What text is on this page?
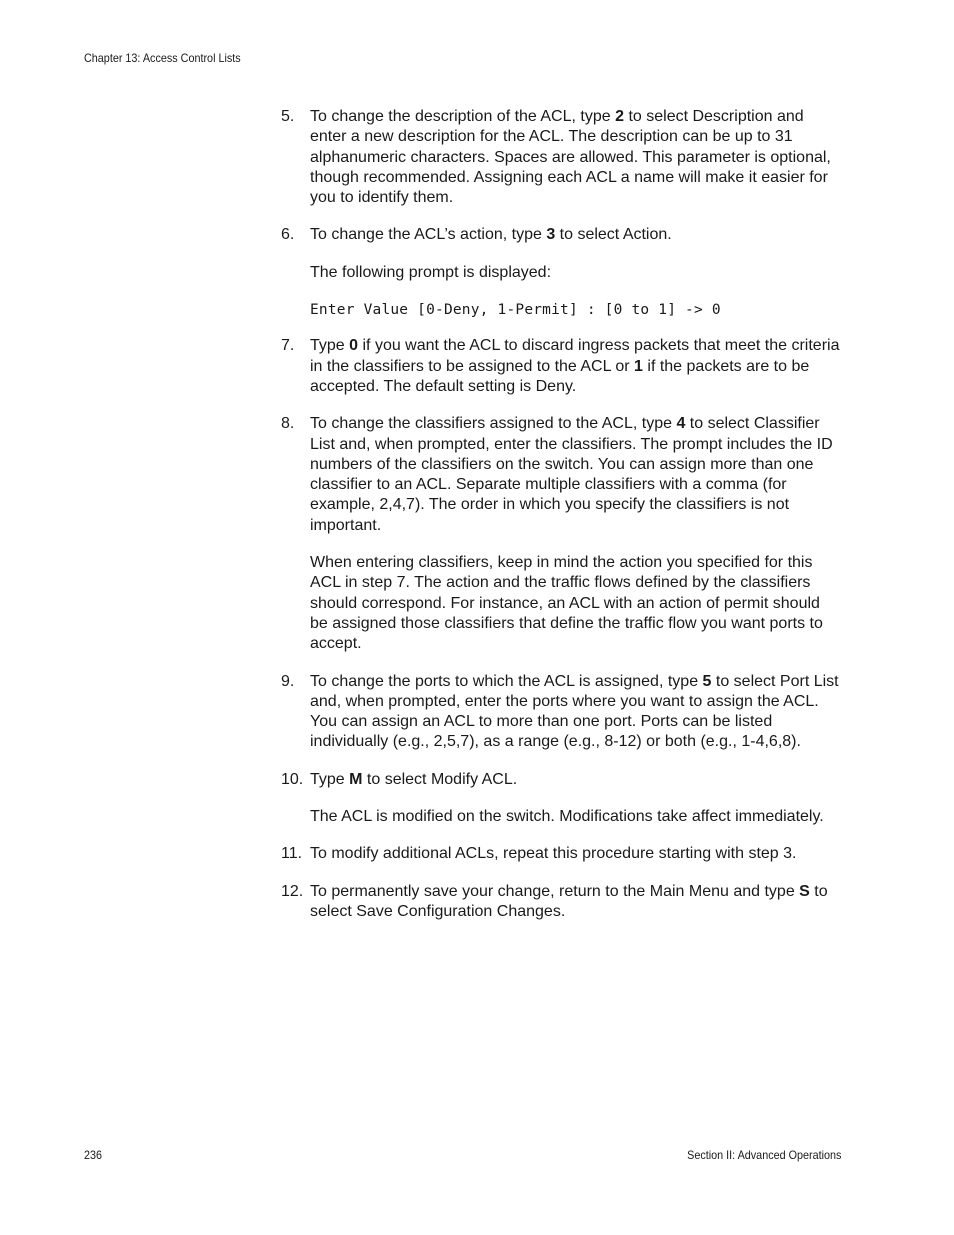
Chapter 13: Access Control Lists
5. To change the description of the ACL, type 2 to select Description and enter a new description for the ACL. The description can be up to 31 alphanumeric characters. Spaces are allowed. This parameter is optional, though recommended. Assigning each ACL a name will make it easier for you to identify them.
6. To change the ACL’s action, type 3 to select Action.
The following prompt is displayed:
Enter Value [0-Deny, 1-Permit] : [0 to 1] -> 0
7. Type 0 if you want the ACL to discard ingress packets that meet the criteria in the classifiers to be assigned to the ACL or 1 if the packets are to be accepted. The default setting is Deny.
8. To change the classifiers assigned to the ACL, type 4 to select Classifier List and, when prompted, enter the classifiers. The prompt includes the ID numbers of the classifiers on the switch. You can assign more than one classifier to an ACL. Separate multiple classifiers with a comma (for example, 2,4,7). The order in which you specify the classifiers is not important.
When entering classifiers, keep in mind the action you specified for this ACL in step 7. The action and the traffic flows defined by the classifiers should correspond. For instance, an ACL with an action of permit should be assigned those classifiers that define the traffic flow you want ports to accept.
9. To change the ports to which the ACL is assigned, type 5 to select Port List and, when prompted, enter the ports where you want to assign the ACL. You can assign an ACL to more than one port. Ports can be listed individually (e.g., 2,5,7), as a range (e.g., 8-12) or both (e.g., 1-4,6,8).
10. Type M to select Modify ACL.
The ACL is modified on the switch. Modifications take affect immediately.
11. To modify additional ACLs, repeat this procedure starting with step 3.
12. To permanently save your change, return to the Main Menu and type S to select Save Configuration Changes.
236	Section II: Advanced Operations
